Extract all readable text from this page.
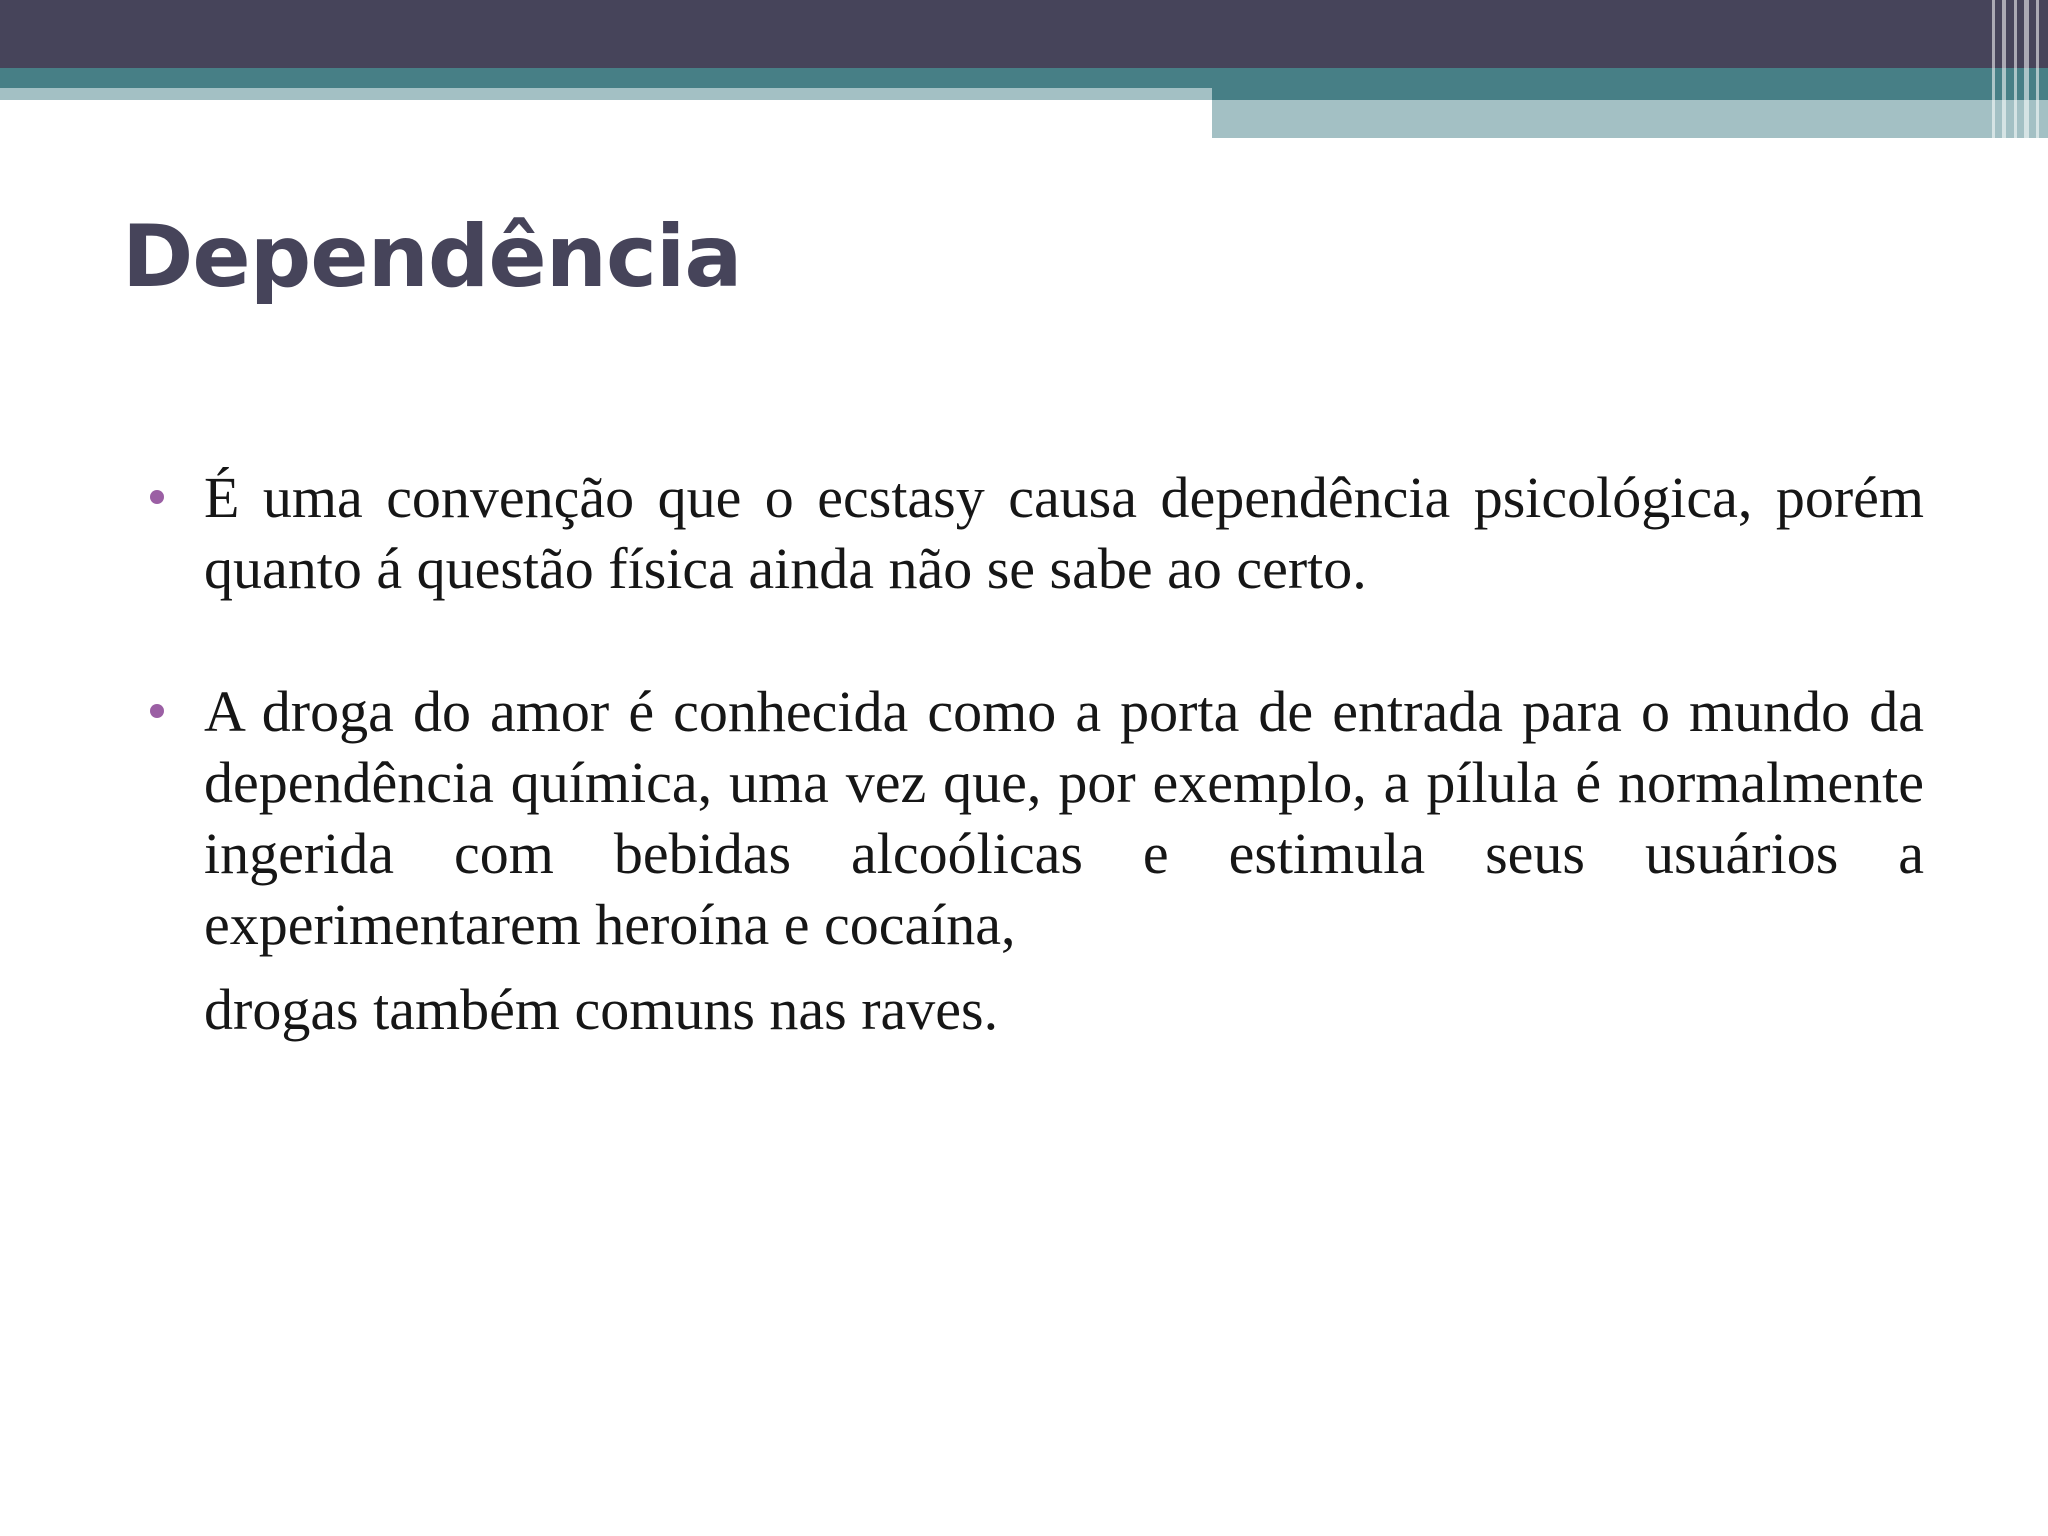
Dependência

É uma convenção que o ecstasy causa dependência psicológica, porém quanto á questão física ainda não se sabe ao certo.

A droga do amor é conhecida como a porta de entrada para o mundo da dependência química, uma vez que, por exemplo, a pílula é normalmente ingerida com bebidas alcoólicas e estimula seus usuários a experimentarem heroína e cocaína,
drogas também comuns nas raves.
